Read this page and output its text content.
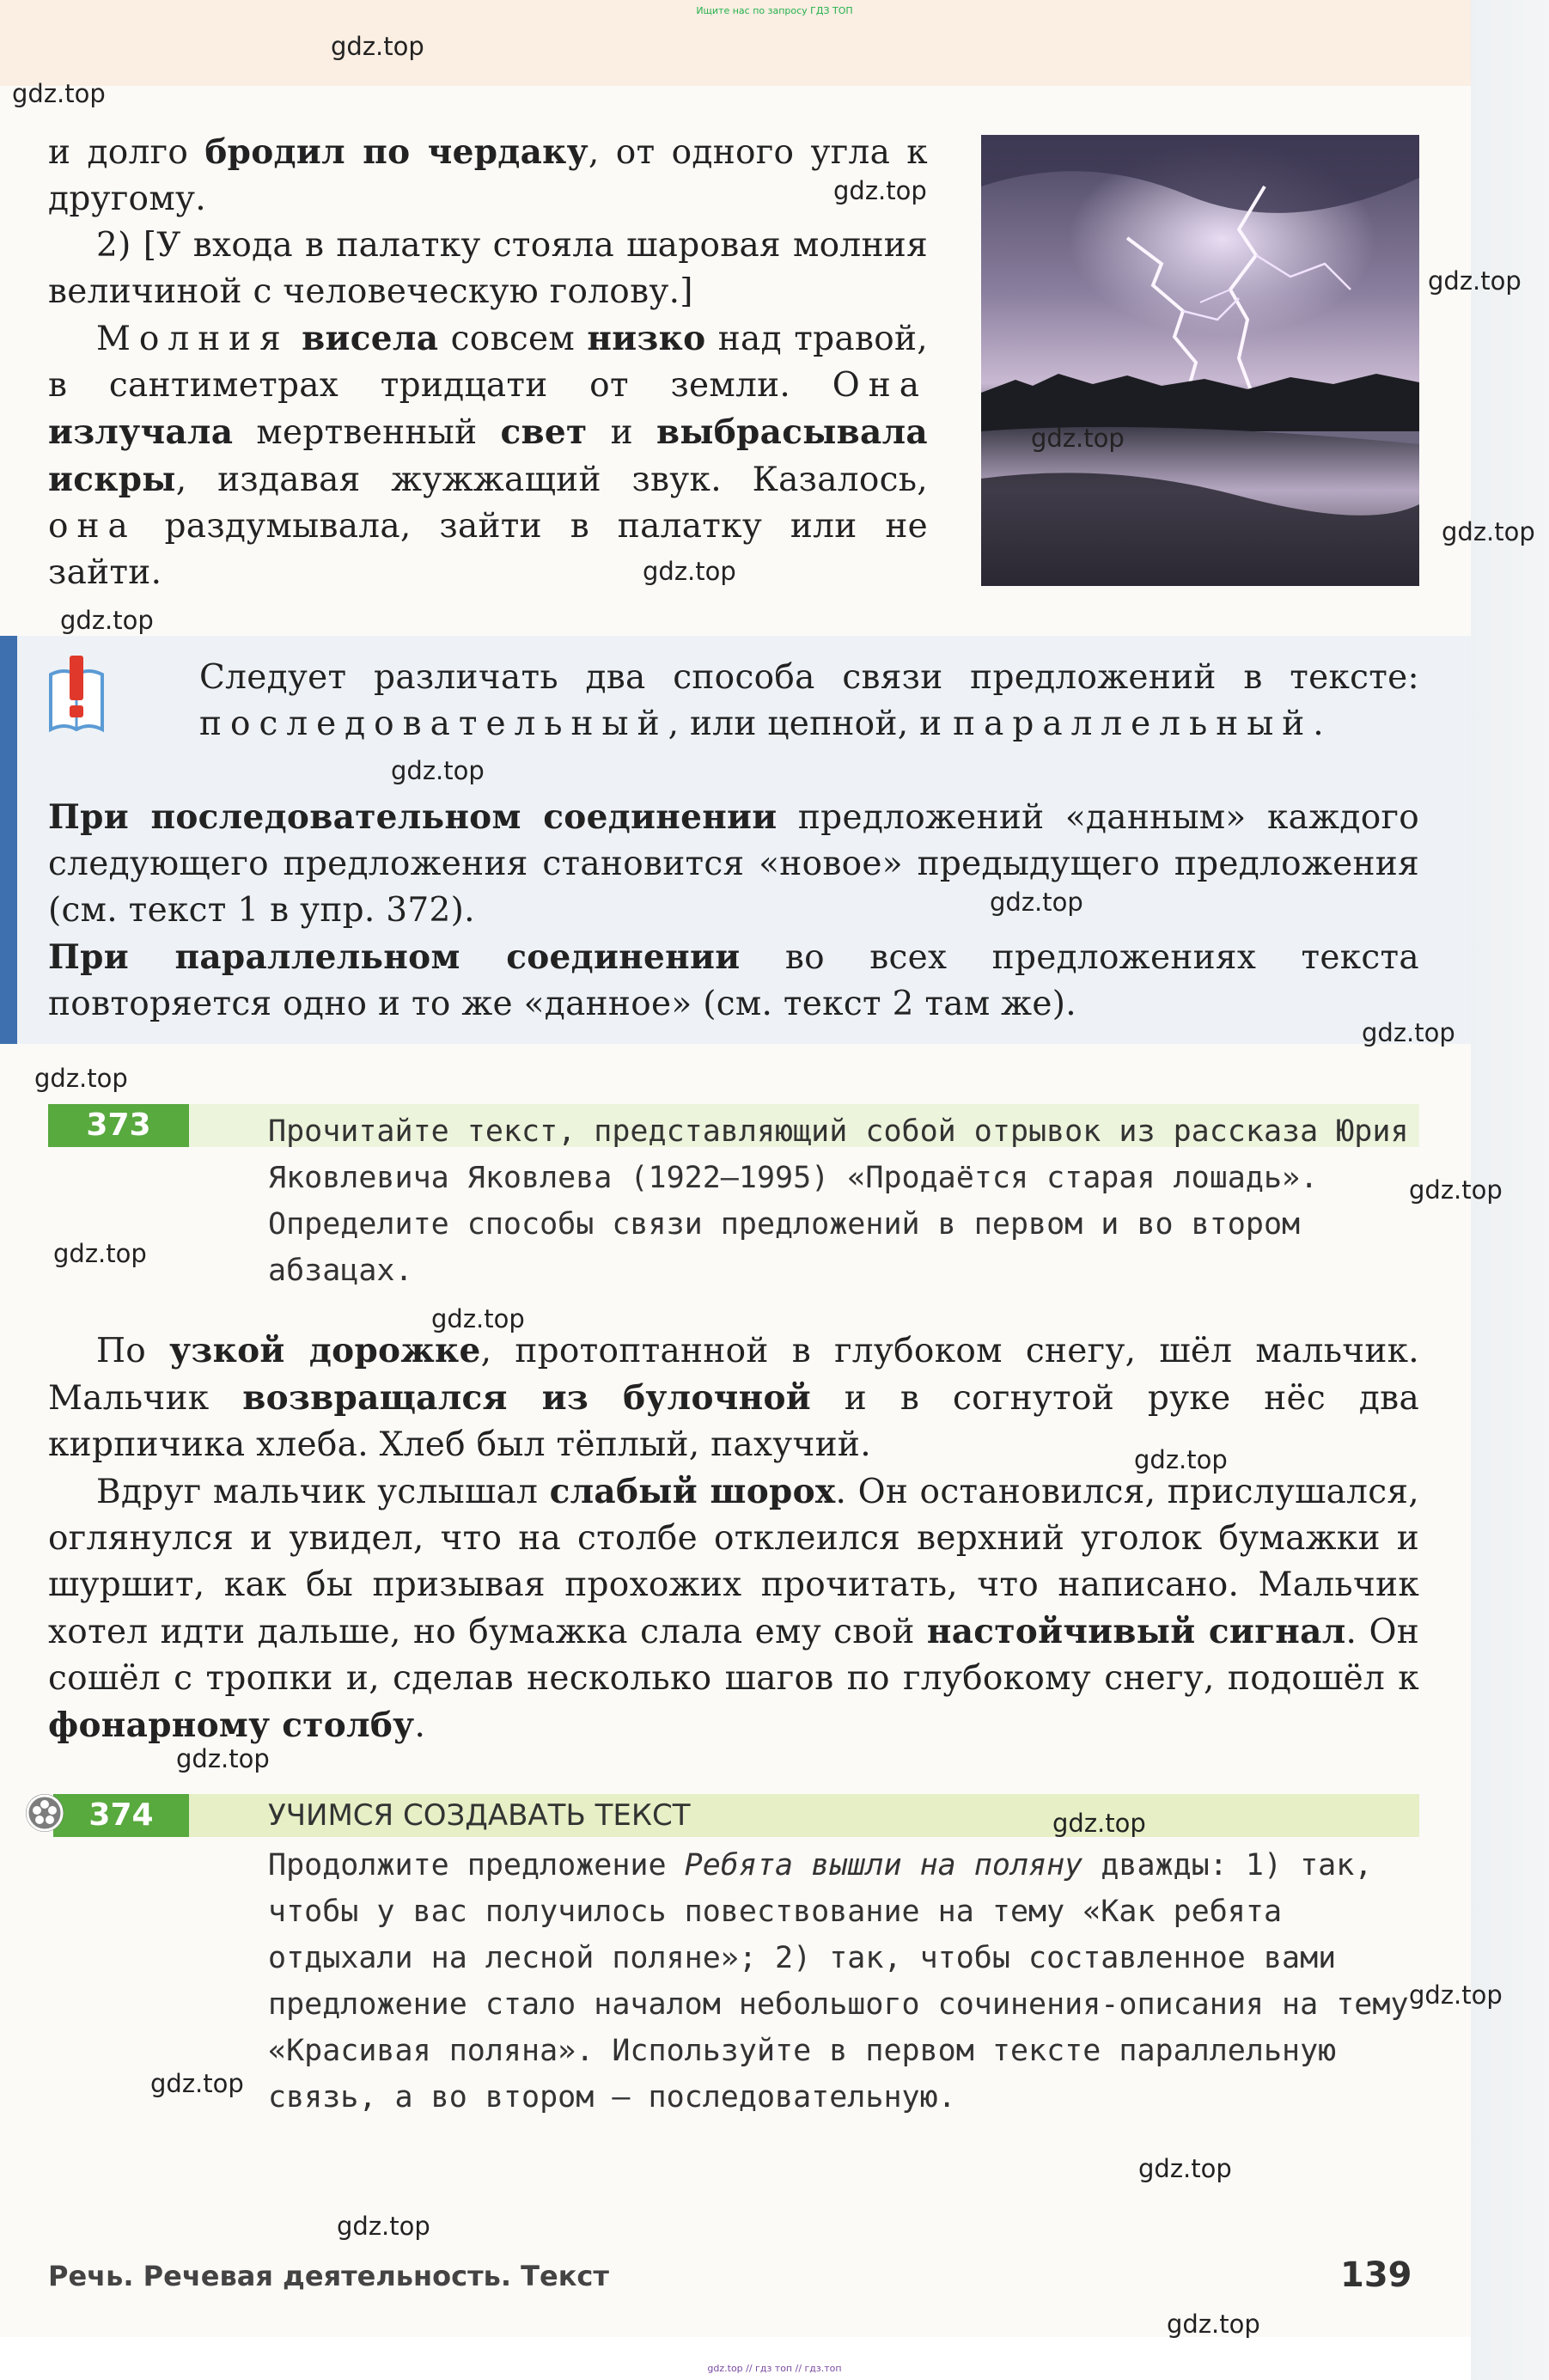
Ищите нас по запросу ГДЗ ТОП

и долго бродил по чердаку, от одного угла к другому.

2) [У входа в палатку стояла шаровая молния величиной с человеческую голову.]

Молния висела совсем низко над травой, в сантиметрах тридцати от земли. Она излучала мертвенный свет и выбрасывала искры, издавая жужжащий звук. Казалось, она раздумывала, зайти в палатку или не зайти.

Следует различать два способа связи предложений в тексте: последовательный, или цепной, и параллельный.

При последовательном соединении предложений «данным» каждого следующего предложения становится «новое» предыдущего предложения (см. текст 1 в упр. 372).

При параллельном соединении во всех предложениях текста повторяется одно и то же «данное» (см. текст 2 там же).

373	Прочитайте текст, представляющий собой отрывок из рассказа Юрия Яковлевича Яковлева (1922—1995) «Продаётся старая лошадь». Определите способы связи предложений в первом и во втором абзацах.

По узкой дорожке, протоптанной в глубоком снегу, шёл мальчик. Мальчик возвращался из булочной и в согнутой руке нёс два кирпичика хлеба. Хлеб был тёплый, пахучий.

Вдруг мальчик услышал слабый шорох. Он остановился, прислушался, оглянулся и увидел, что на столбе отклеился верхний уголок бумажки и шуршит, как бы призывая прохожих прочитать, что написано. Мальчик хотел идти дальше, но бумажка слала ему свой настойчивый сигнал. Он сошёл с тропки и, сделав несколько шагов по глубокому снегу, подошёл к фонарному столбу.

374	УЧИМСЯ СОЗДАВАТЬ ТЕКСТ

Продолжите предложение Ребята вышли на поляну дважды: 1) так, чтобы у вас получилось повествование на тему «Как ребята отдыхали на лесной поляне»; 2) так, чтобы составленное вами предложение стало началом небольшого сочинения-описания на тему «Красивая поляна». Используйте в первом тексте параллельную связь, а во втором — последовательную.

Речь. Речевая деятельность. Текст	139

gdz.top // гдз топ // гдз.топ
gdz.top
gdz.top
gdz.top
gdz.top
gdz.top
gdz.top
gdz.top
gdz.top
gdz.top
gdz.top
gdz.top
gdz.top
gdz.top
gdz.top
gdz.top
gdz.top
gdz.top
gdz.top
gdz.top
gdz.top
gdz.top
gdz.top
gdz.top
